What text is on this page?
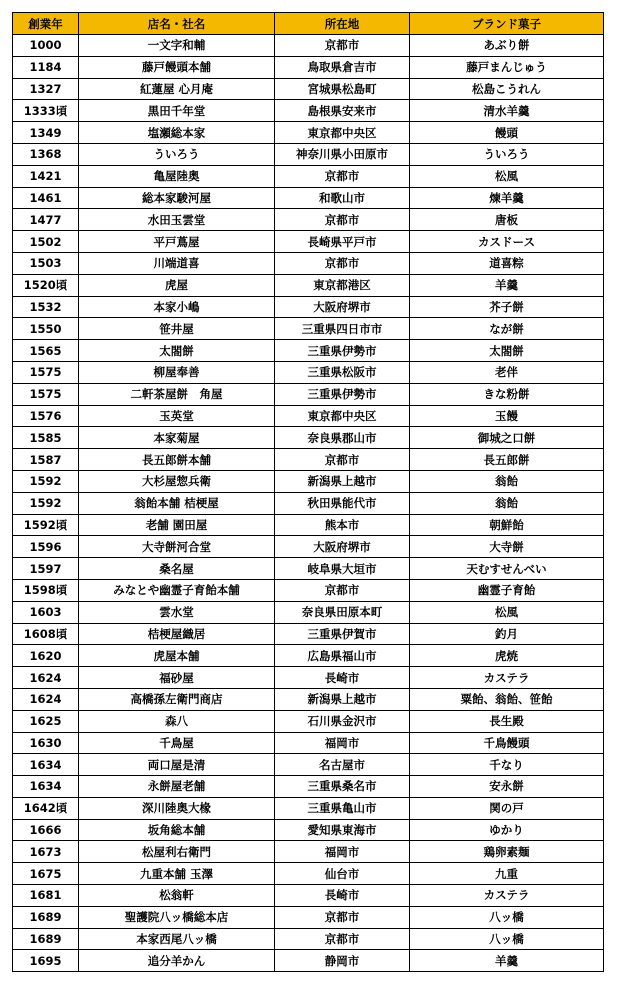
創業年	店名・社名	所在地	ブランド菓子
1000	一文字和輔	京都市	あぶり餅
1184	藤戸饅頭本舗	鳥取県倉吉市	藤戸まんじゅう
1327	紅蓮屋 心月庵	宮城県松島町	松島こうれん
1333頃	黒田千年堂	島根県安来市	清水羊羹
1349	塩瀬総本家	東京都中央区	饅頭
1368	ういろう	神奈川県小田原市	ういろう
1421	亀屋陸奥	京都市	松風
1461	総本家駿河屋	和歌山市	煉羊羹
1477	水田玉雲堂	京都市	唐板
1502	平戸蔦屋	長崎県平戸市	カスドース
1503	川端道喜	京都市	道喜粽
1520頃	虎屋	東京都港区	羊羹
1532	本家小嶋	大阪府堺市	芥子餅
1550	笹井屋	三重県四日市市	なが餅
1565	太閤餅	三重県伊勢市	太閤餅
1575	柳屋奉善	三重県松阪市	老伴
1575	二軒茶屋餅　角屋	三重県伊勢市	きな粉餅
1576	玉英堂	東京都中央区	玉饅
1585	本家菊屋	奈良県郡山市	御城之口餅
1587	長五郎餅本舗	京都市	長五郎餅
1592	大杉屋惣兵衛	新潟県上越市	翁飴
1592	翁飴本舗 桔梗屋	秋田県能代市	翁飴
1592頃	老舗 園田屋	熊本市	朝鮮飴
1596	大寺餅河合堂	大阪府堺市	大寺餅
1597	桑名屋	岐阜県大垣市	天むすせんべい
1598頃	みなとや幽霊子育飴本舗	京都市	幽霊子育飴
1603	雲水堂	奈良県田原本町	松風
1608頃	桔梗屋織居	三重県伊賀市	釣月
1620	虎屋本舗	広島県福山市	虎焼
1624	福砂屋	長崎市	カステラ
1624	高橋孫左衛門商店	新潟県上越市	粟飴、翁飴、笹飴
1625	森八	石川県金沢市	長生殿
1630	千鳥屋	福岡市	千鳥饅頭
1634	両口屋是清	名古屋市	千なり
1634	永餅屋老舗	三重県桑名市	安永餅
1642頃	深川陸奥大椽	三重県亀山市	関の戸
1666	坂角総本舗	愛知県東海市	ゆかり
1673	松屋利右衛門	福岡市	鶏卵素麺
1675	九重本舗 玉澤	仙台市	九重
1681	松翁軒	長崎市	カステラ
1689	聖護院八ッ橋総本店	京都市	八ッ橋
1689	本家西尾八ッ橋	京都市	八ッ橋
1695	追分羊かん	静岡市	羊羹
